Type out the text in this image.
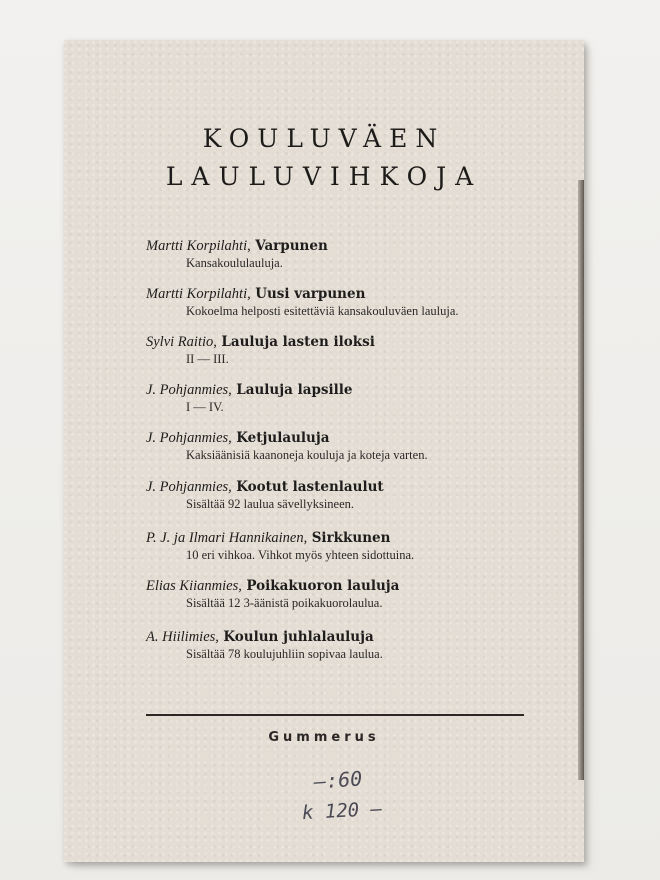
KOULUVÄEN
LAULUVIHKOJA
Martti Korpilahti, Varpunen
Kansakoululauluja.
Martti Korpilahti, Uusi varpunen
Kokoelma helposti esitettäviä kansakouluväen lauluja.
Sylvi Raitio, Lauluja lasten iloksi
II — III.
J. Pohjanmies, Lauluja lapsille
I — IV.
J. Pohjanmies, Ketjulauluja
Kaksiäänisiä kaanoneja kouluja ja koteja varten.
J. Pohjanmies, Kootut lastenlaulut
Sisältää 92 laulua sävellyksineen.
P. J. ja Ilmari Hannikainen, Sirkkunen
10 eri vihkoa. Vihkot myös yhteen sidottuina.
Elias Kiianmies, Poikakuoron lauluja
Sisältää 12 3-äänistä poikakuorolaulua.
A. Hiilimies, Koulun juhlalauluja
Sisältää 78 koulujuhliin sopivaa laulua.
Gummerus
—:60
k 120 —
